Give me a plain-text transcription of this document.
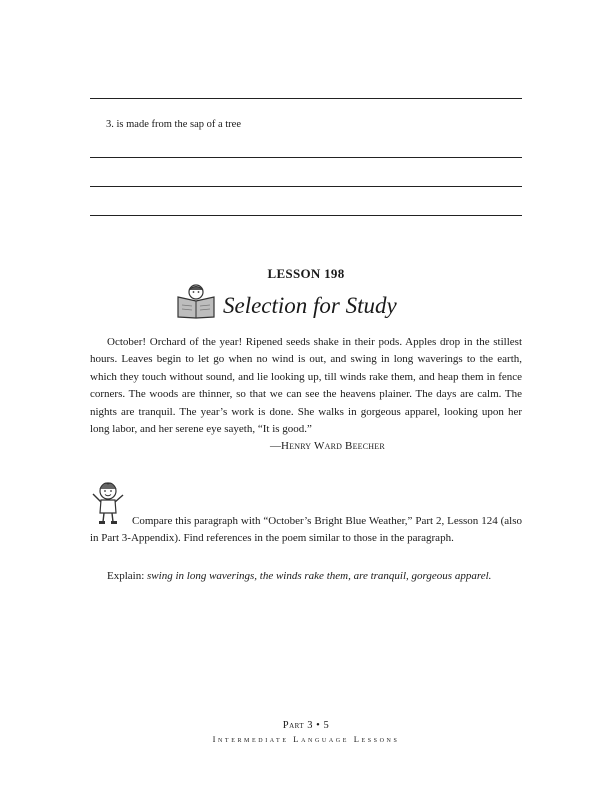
3. is made from the sap of a tree
LESSON 198
Selection for Study

October! Orchard of the year! Ripened seeds shake in their pods. Apples drop in the stillest hours. Leaves begin to let go when no wind is out, and swing in long waverings to the earth, which they touch without sound, and lie looking up, till winds rake them, and heap them in fence corners. The woods are thinner, so that we can see the heavens plainer. The days are calm. The nights are tranquil. The year’s work is done. She walks in gorgeous apparel, looking upon her long labor, and her serene eye sayeth, “It is good.”

—Henry Ward Beecher

Compare this paragraph with “October’s Bright Blue Weather,” Part 2, Lesson 124 (also in Part 3-Appendix). Find references in the poem similar to those in the paragraph.

Explain: swing in long waverings, the winds rake them, are tranquil, gorgeous apparel.

Part 3 • 5
Intermediate Language Lessons
